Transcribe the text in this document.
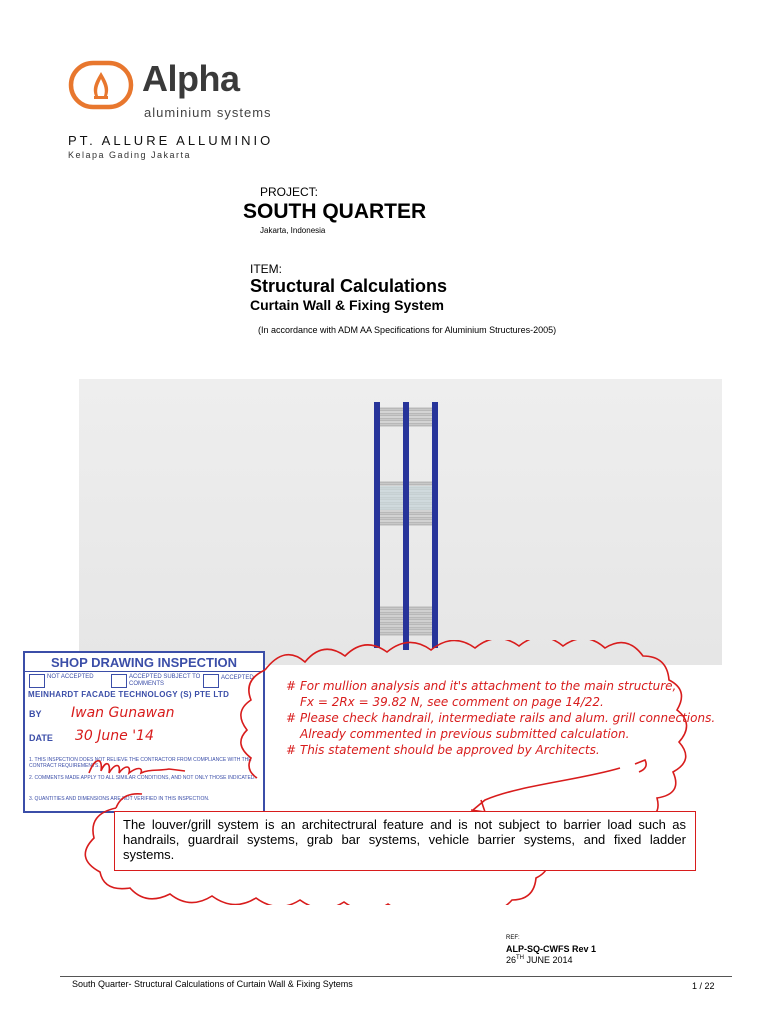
Alpha
aluminium systems
PT. ALLURE ALLUMINIO
Kelapa Gading Jakarta
PROJECT:
SOUTH QUARTER
Jakarta, Indonesia
ITEM:
Structural Calculations
Curtain Wall & Fixing System
(In accordance with ADM AA Specifications for Aluminium Structures-2005)
SHOP DRAWING INSPECTION
NOT ACCEPTED	ACCEPTED SUBJECT TO COMMENTS
ACCEPTED
MEINHARDT FACADE TECHNOLOGY (S) PTE LTD
BY Iwan Gunawan
DATE 30 June '14
1. THIS INSPECTION DOES NOT RELIEVE THE CONTRACTOR FROM COMPLIANCE WITH THE CONTRACT REQUIREMENTS.
2. COMMENTS MADE APPLY TO ALL SIMILAR CONDITIONS, AND NOT ONLY THOSE INDICATED.
3. QUANTITIES AND DIMENSIONS ARE NOT VERIFIED IN THIS INSPECTION.
# For mullion analysis and it's attachment to the main structure,
Fx = 2Rx = 39.82 N, see comment on page 14/22.
# Please check handrail, intermediate rails and alum. grill connections.
Already commented in previous submitted calculation.
# This statement should be approved by Architects.
The louver/grill system is an architectrural feature and is not subject to barrier load such as handrails, guardrail systems, grab bar systems, vehicle barrier systems, and fixed ladder systems.
REF:
ALP-SQ-CWFS Rev 1
26TH JUNE 2014
South Quarter- Structural Calculations of Curtain Wall & Fixing Sytems	1 / 22
